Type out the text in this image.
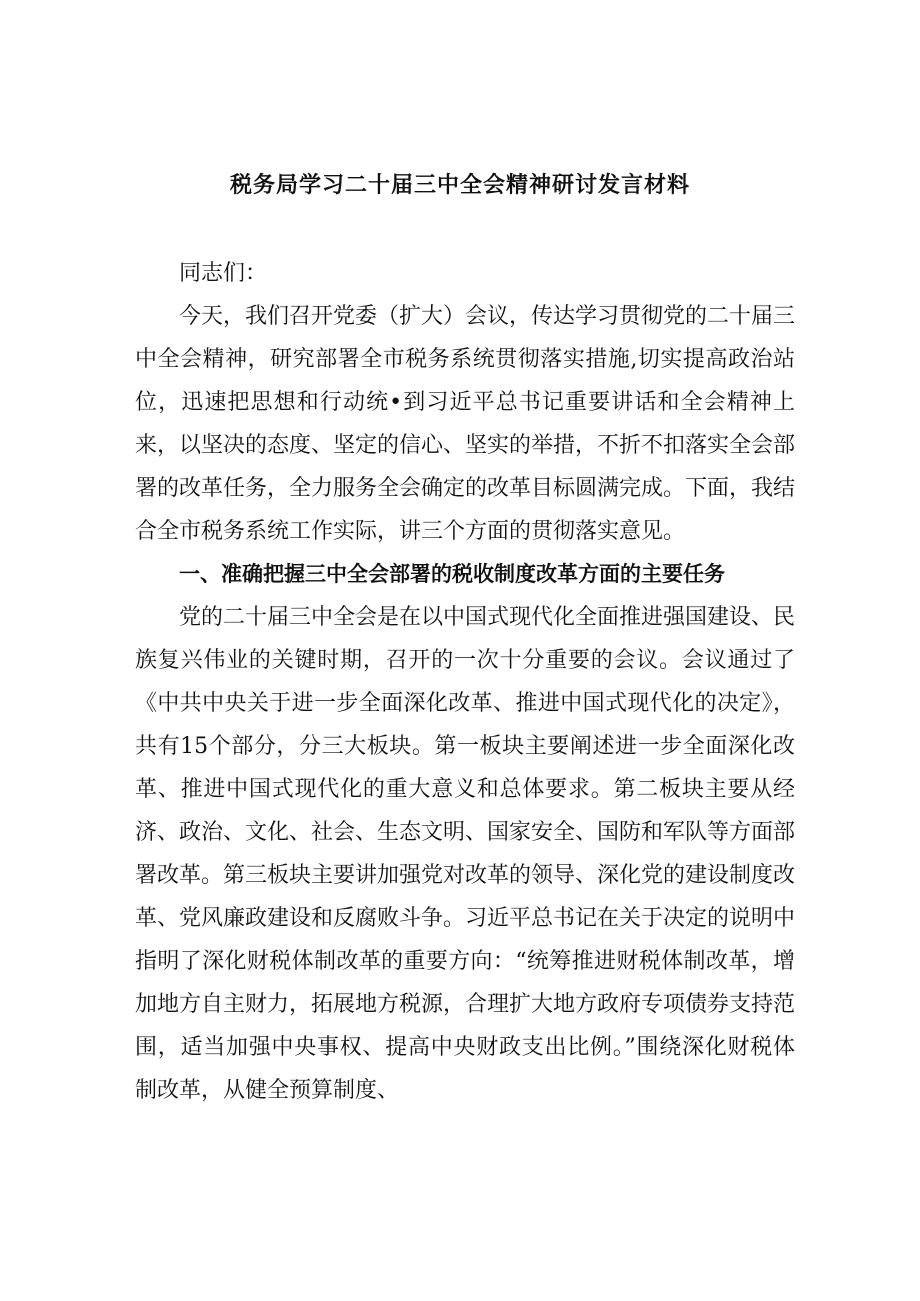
税务局学习二十届三中全会精神研讨发言材料

同志们：

今天，我们召开党委（扩大）会议，传达学习贯彻党的二十届三中全会精神，研究部署全市税务系统贯彻落实措施,切实提高政治站位，迅速把思想和行动统•到习近平总书记重要讲话和全会精神上来，以坚决的态度、坚定的信心、坚实的举措，不折不扣落实全会部署的改革任务，全力服务全会确定的改革目标圆满完成。下面，我结合全市税务系统工作实际，讲三个方面的贯彻落实意见。

一、准确把握三中全会部署的税收制度改革方面的主要任务

党的二十届三中全会是在以中国式现代化全面推进强国建设、民族复兴伟业的关键时期，召开的一次十分重要的会议。会议通过了《中共中央关于进一步全面深化改革、推进中国式现代化的决定》，共有15个部分，分三大板块。第一板块主要阐述进一步全面深化改革、推进中国式现代化的重大意义和总体要求。第二板块主要从经济、政治、文化、社会、生态文明、国家安全、国防和军队等方面部署改革。第三板块主要讲加强党对改革的领导、深化党的建设制度改革、党风廉政建设和反腐败斗争。习近平总书记在关于决定的说明中指明了深化财税体制改革的重要方向：“统筹推进财税体制改革，增加地方自主财力，拓展地方税源，合理扩大地方政府专项债券支持范围，适当加强中央事权、提高中央财政支出比例。”围绕深化财税体制改革，从健全预算制度、
